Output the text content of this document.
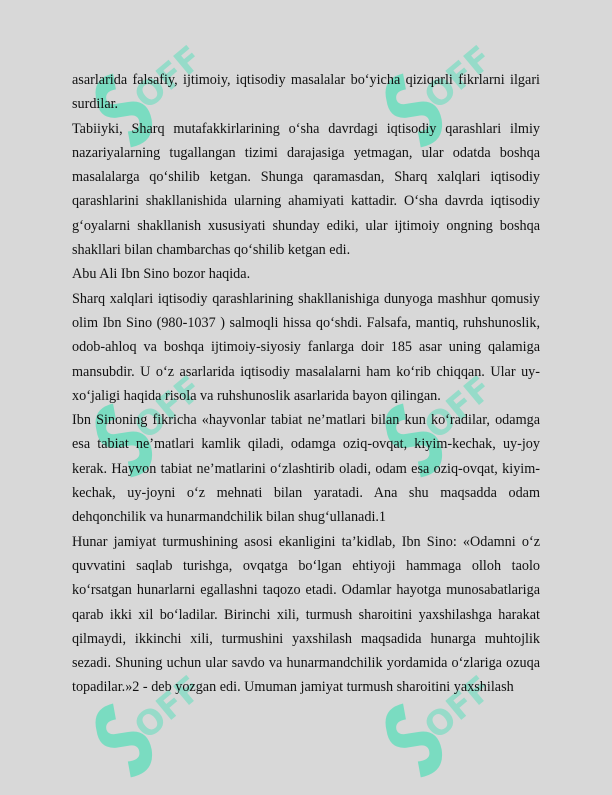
OFF	OFF
OFF	OFF
OFF	OFF

asarlarida falsafiy, ijtimoiy, iqtisodiy masalalar bo‘yicha qiziqarli fikrlarni ilgari surdilar.

Tabiiyki, Sharq mutafakkirlarining o‘sha davrdagi iqtisodiy qarashlari ilmiy nazariyalarning tugallangan tizimi darajasiga yetmagan, ular odatda boshqa masalalarga qo‘shilib ketgan. Shunga qaramasdan, Sharq xalqlari iqtisodiy qarashlarini shakllanishida ularning ahamiyati kattadir. O‘sha davrda iqtisodiy g‘oyalarni shakllanish xususiyati shunday ediki, ular ijtimoiy ongning boshqa shakllari bilan chambarchas qo‘shilib ketgan edi.

Abu Ali Ibn Sino bozor haqida.

Sharq xalqlari iqtisodiy qarashlarining shakllanishiga dunyoga mashhur qomusiy olim Ibn Sino (980-1037 ) salmoqli hissa qo‘shdi. Falsafa, mantiq, ruhshunoslik, odob-ahloq va boshqa ijtimoiy-siyosiy fanlarga doir 185 asar uning qalamiga mansubdir. U o‘z asarlarida iqtisodiy masalalarni ham ko‘rib chiqqan. Ular uy-xo‘jaligi haqida risola va ruhshunoslik asarlarida bayon qilingan.

Ibn Sinoning fikricha «hayvonlar tabiat ne’matlari bilan kun ko‘radilar, odamga esa tabiat ne’matlari kamlik qiladi, odamga oziq-ovqat, kiyim-kechak, uy-joy kerak. Hayvon tabiat ne’matlarini o‘zlashtirib oladi, odam esa oziq-ovqat, kiyim-kechak, uy-joyni o‘z mehnati bilan yaratadi. Ana shu maqsadda odam dehqonchilik va hunarmandchilik bilan shug‘ullanadi.1

Hunar jamiyat turmushining asosi ekanligini ta’kidlab, Ibn Sino: «Odamni o‘z quvvatini saqlab turishga, ovqatga bo‘lgan ehtiyoji hammaga olloh taolo ko‘rsatgan hunarlarni egallashni taqozo etadi. Odamlar hayotga munosabatlariga qarab ikki xil bo‘ladilar. Birinchi xili, turmush sharoitini yaxshilashga harakat qilmaydi, ikkinchi xili, turmushini yaxshilash maqsadida hunarga muhtojlik sezadi. Shuning uchun ular savdo va hunarmandchilik yordamida o‘zlariga ozuqa topadilar.»2 - deb yozgan edi. Umuman jamiyat turmush sharoitini yaxshilash
